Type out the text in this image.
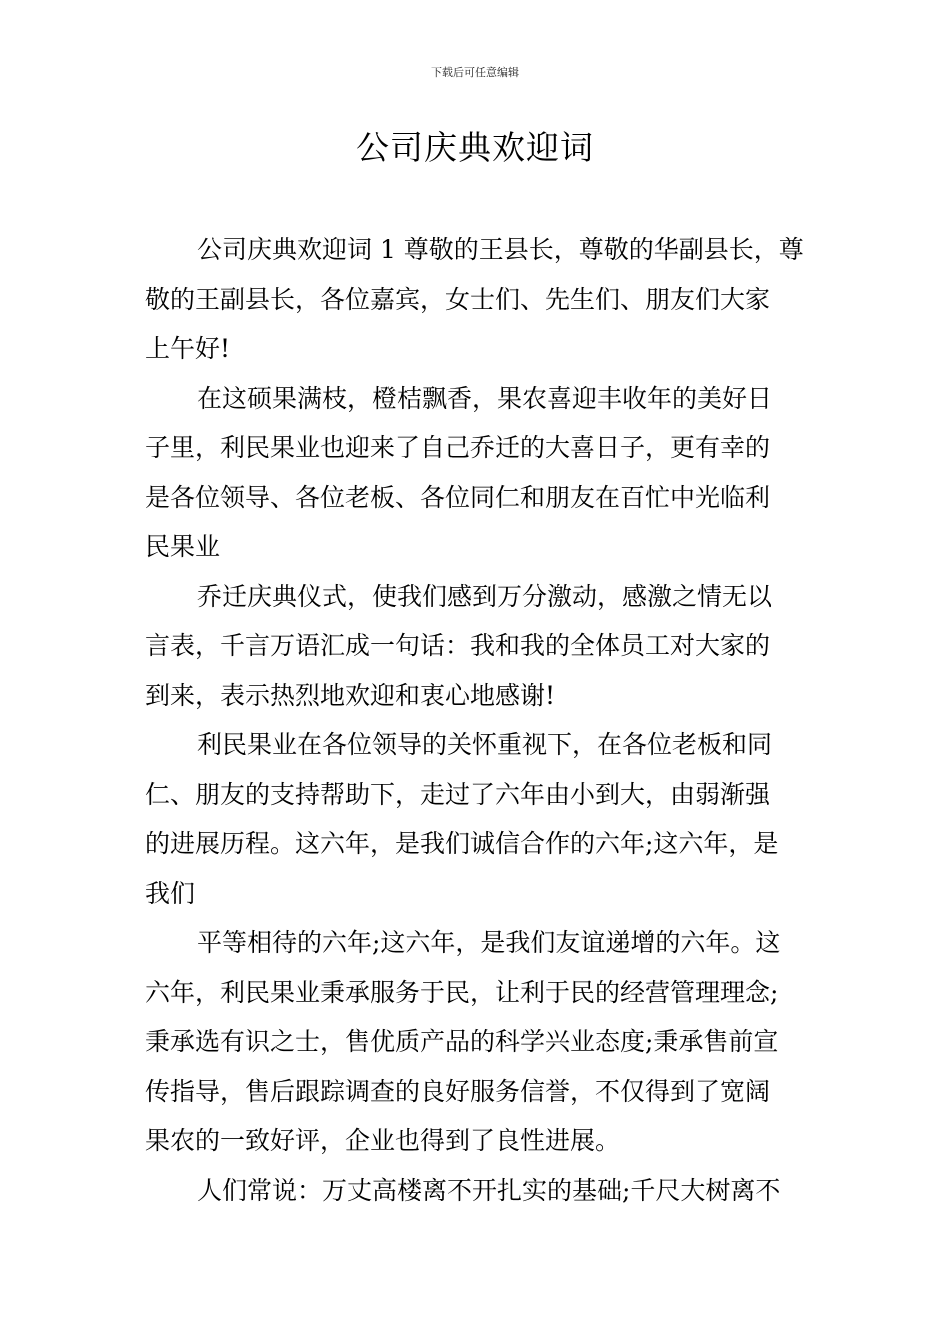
下载后可任意编辑
公司庆典欢迎词

公司庆典欢迎词 1 尊敬的王县长，尊敬的华副县长，尊
敬的王副县长，各位嘉宾，女士们、先生们、朋友们大家
上午好!

在这硕果满枝，橙桔飘香，果农喜迎丰收年的美好日
子里，利民果业也迎来了自己乔迁的大喜日子，更有幸的
是各位领导、各位老板、各位同仁和朋友在百忙中光临利
民果业

乔迁庆典仪式，使我们感到万分激动，感激之情无以
言表，千言万语汇成一句话：我和我的全体员工对大家的
到来，表示热烈地欢迎和衷心地感谢!

利民果业在各位领导的关怀重视下，在各位老板和同
仁、朋友的支持帮助下，走过了六年由小到大，由弱渐强
的进展历程。这六年，是我们诚信合作的六年;这六年，是
我们

平等相待的六年;这六年，是我们友谊递增的六年。这
六年，利民果业秉承服务于民，让利于民的经营管理理念;
秉承选有识之士，售优质产品的科学兴业态度;秉承售前宣
传指导，售后跟踪调查的良好服务信誉，不仅得到了宽阔
果农的一致好评，企业也得到了良性进展。

人们常说：万丈高楼离不开扎实的基础;千尺大树离不
